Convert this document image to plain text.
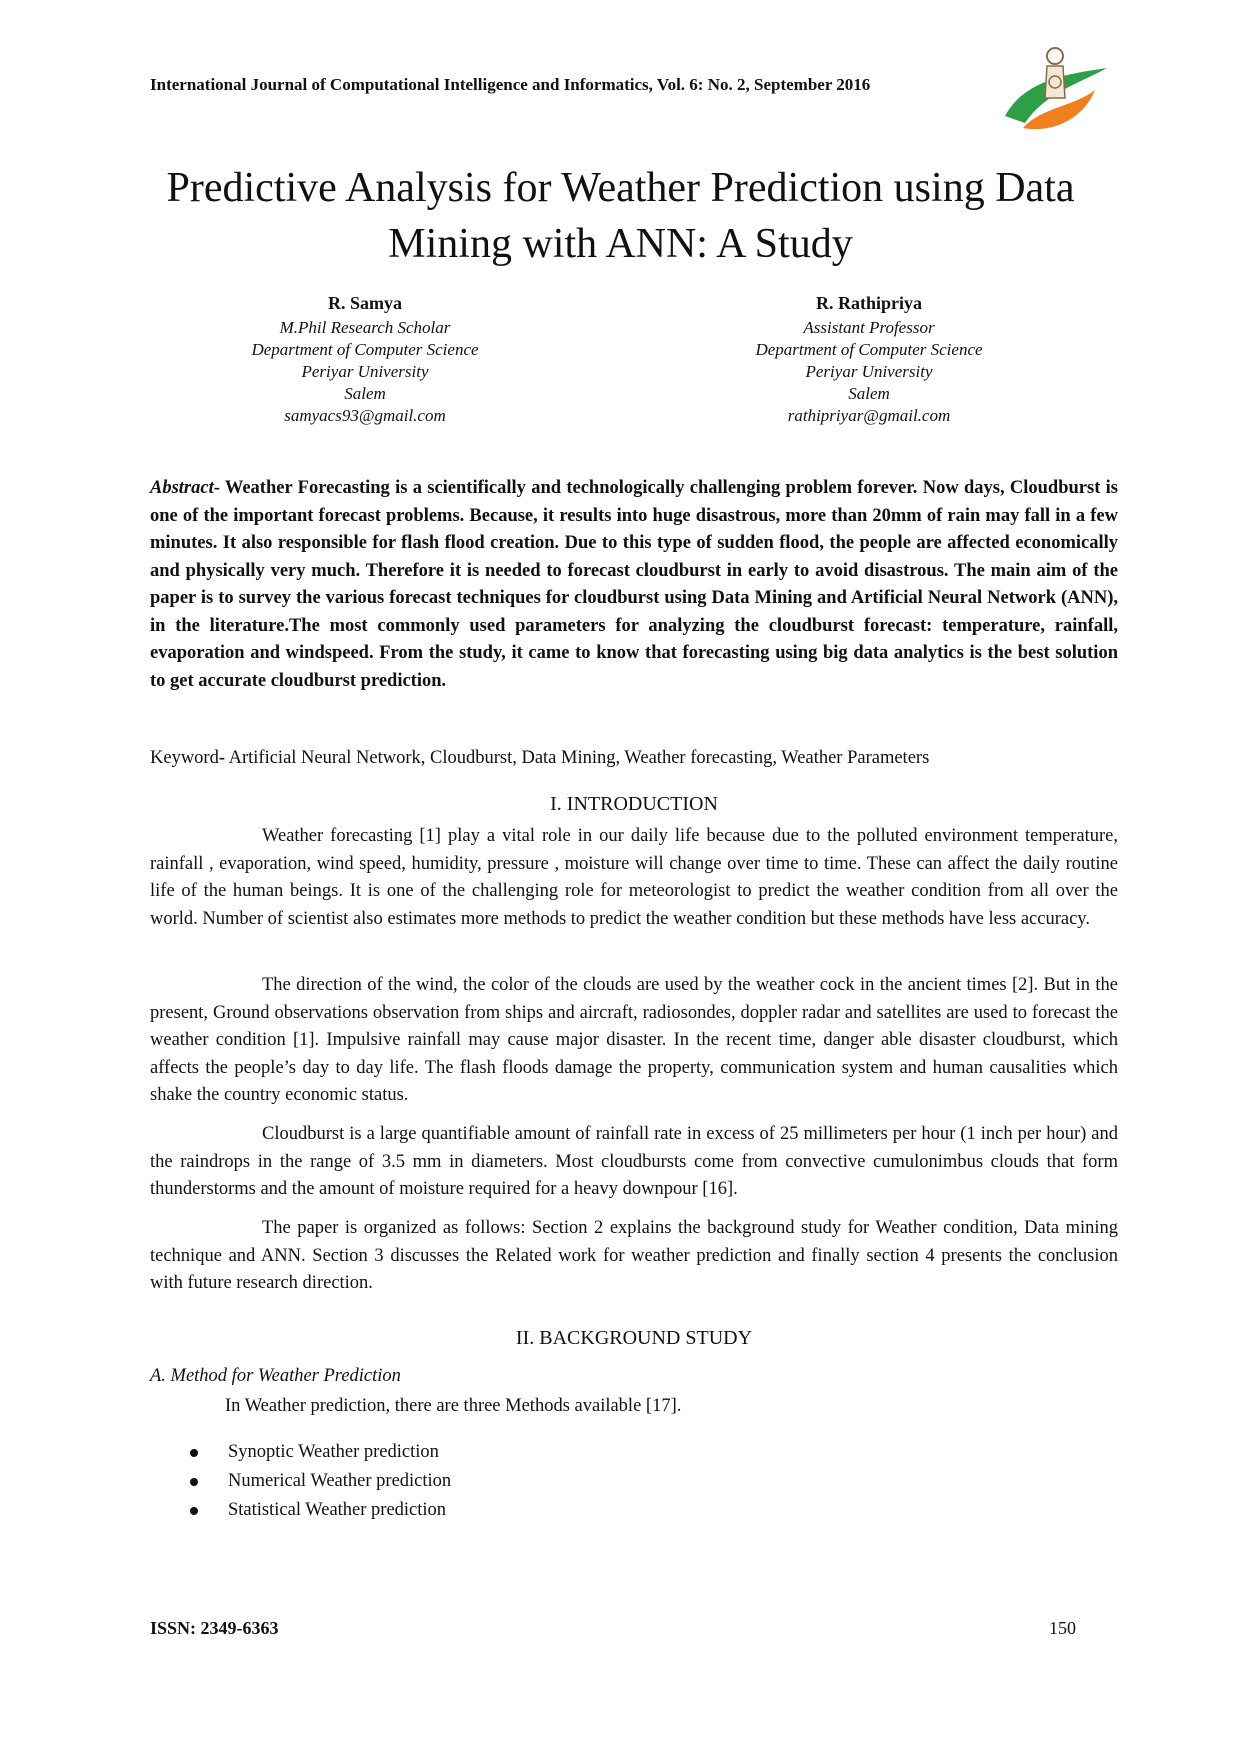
International Journal of Computational Intelligence and Informatics, Vol. 6: No. 2, September 2016
Predictive Analysis for Weather Prediction using Data Mining with ANN: A Study
R. Samya
M.Phil Research Scholar
Department of Computer Science
Periyar University
Salem
samyacs93@gmail.com
R. Rathipriya
Assistant Professor
Department of Computer Science
Periyar University
Salem
rathipriyar@gmail.com
Abstract- Weather Forecasting is a scientifically and technologically challenging problem forever. Now days, Cloudburst is one of the important forecast problems. Because, it results into huge disastrous, more than 20mm of rain may fall in a few minutes. It also responsible for flash flood creation. Due to this type of sudden flood, the people are affected economically and physically very much. Therefore it is needed to forecast cloudburst in early to avoid disastrous. The main aim of the paper is to survey the various forecast techniques for cloudburst using Data Mining and Artificial Neural Network (ANN), in the literature.The most commonly used parameters for analyzing the cloudburst forecast: temperature, rainfall, evaporation and windspeed. From the study, it came to know that forecasting using big data analytics is the best solution to get accurate cloudburst prediction.
Keyword- Artificial Neural Network, Cloudburst, Data Mining, Weather forecasting, Weather Parameters
I. INTRODUCTION
Weather forecasting [1] play a vital role in our daily life because due to the polluted environment temperature, rainfall , evaporation, wind speed, humidity, pressure , moisture will change over time to time. These can affect the daily routine life of the human beings. It is one of the challenging role for meteorologist to predict the weather condition from all over the world. Number of scientist also estimates more methods to predict the weather condition but these methods have less accuracy.
The direction of the wind, the color of the clouds are used by the weather cock in the ancient times [2]. But in the present, Ground observations observation from ships and aircraft, radiosondes, doppler radar and satellites are used to forecast the weather condition [1]. Impulsive rainfall may cause major disaster. In the recent time, danger able disaster cloudburst, which affects the people’s day to day life. The flash floods damage the property, communication system and human causalities which shake the country economic status.
Cloudburst is a large quantifiable amount of rainfall rate in excess of 25 millimeters per hour (1 inch per hour) and the raindrops in the range of 3.5 mm in diameters. Most cloudbursts come from convective cumulonimbus clouds that form thunderstorms and the amount of moisture required for a heavy downpour [16].
The paper is organized as follows: Section 2 explains the background study for Weather condition, Data mining technique and ANN. Section 3 discusses the Related work for weather prediction and finally section 4 presents the conclusion with future research direction.
II. BACKGROUND STUDY
A. Method for Weather Prediction
In Weather prediction, there are three Methods available [17].
Synoptic Weather prediction
Numerical Weather prediction
Statistical Weather prediction
ISSN: 2349-6363	150
